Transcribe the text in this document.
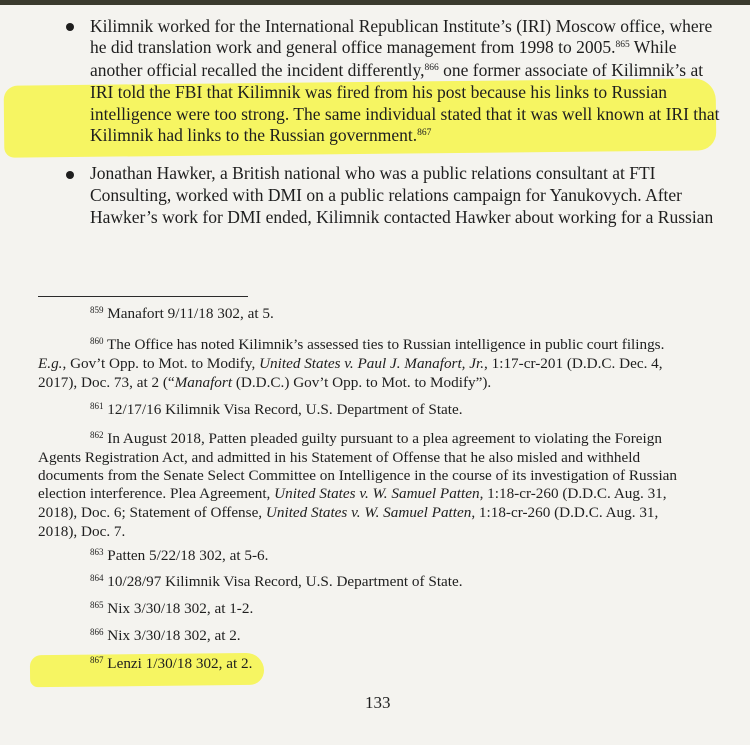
Kilimnik worked for the International Republican Institute’s (IRI) Moscow office, where
he did translation work and general office management from 1998 to 2005.$^{865}$ While
another official recalled the incident differently,$^{866}$ one former associate of Kilimnik’s at
IRI told the FBI that Kilimnik was fired from his post because his links to Russian
intelligence were too strong. The same individual stated that it was well known at IRI that
Kilimnik had links to the Russian government.$^{867}$
Jonathan Hawker, a British national who was a public relations consultant at FTI
Consulting, worked with DMI on a public relations campaign for Yanukovych. After
Hawker’s work for DMI ended, Kilimnik contacted Hawker about working for a Russian
$^{859}$ Manafort 9/11/18 302, at 5.
$^{860}$ The Office has noted Kilimnik’s assessed ties to Russian intelligence in public court filings.
E.g., Gov’t Opp. to Mot. to Modify, United States v. Paul J. Manafort, Jr., 1:17-cr-201 (D.D.C. Dec. 4,
2017), Doc. 73, at 2 (“Manafort (D.D.C.) Gov’t Opp. to Mot. to Modify”).
$^{861}$ 12/17/16 Kilimnik Visa Record, U.S. Department of State.
$^{862}$ In August 2018, Patten pleaded guilty pursuant to a plea agreement to violating the Foreign
Agents Registration Act, and admitted in his Statement of Offense that he also misled and withheld
documents from the Senate Select Committee on Intelligence in the course of its investigation of Russian
election interference. Plea Agreement, United States v. W. Samuel Patten, 1:18-cr-260 (D.D.C. Aug. 31,
2018), Doc. 6; Statement of Offense, United States v. W. Samuel Patten, 1:18-cr-260 (D.D.C. Aug. 31,
2018), Doc. 7.
$^{863}$ Patten 5/22/18 302, at 5-6.
$^{864}$ 10/28/97 Kilimnik Visa Record, U.S. Department of State.
$^{865}$ Nix 3/30/18 302, at 1-2.
$^{866}$ Nix 3/30/18 302, at 2.
$^{867}$ Lenzi 1/30/18 302, at 2.
133
